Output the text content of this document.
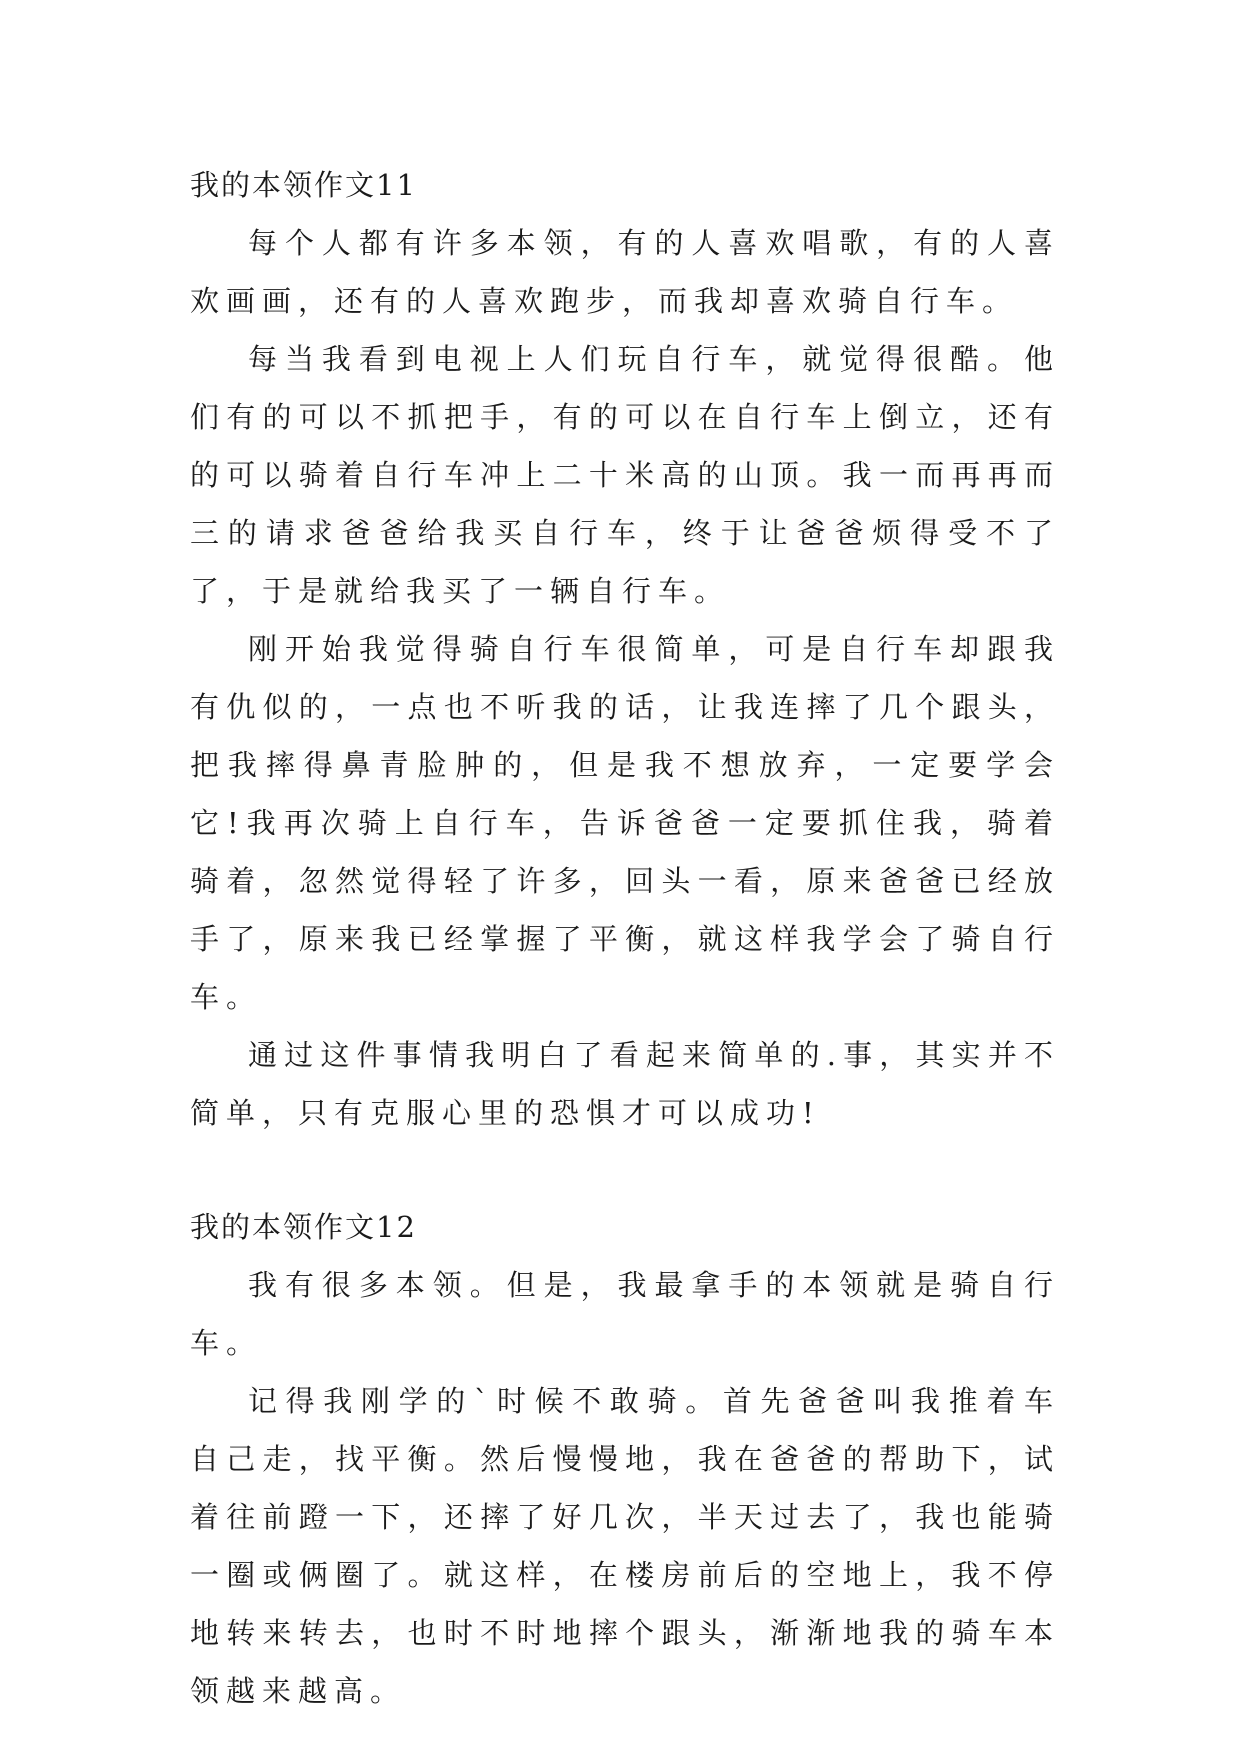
我的本领作文11

每个人都有许多本领，有的人喜欢唱歌，有的人喜欢画画，还有的人喜欢跑步，而我却喜欢骑自行车。

每当我看到电视上人们玩自行车，就觉得很酷。他们有的可以不抓把手，有的可以在自行车上倒立，还有的可以骑着自行车冲上二十米高的山顶。我一而再再而三的请求爸爸给我买自行车，终于让爸爸烦得受不了了，于是就给我买了一辆自行车。

刚开始我觉得骑自行车很简单，可是自行车却跟我有仇似的，一点也不听我的话，让我连摔了几个跟头，把我摔得鼻青脸肿的，但是我不想放弃，一定要学会它!我再次骑上自行车，告诉爸爸一定要抓住我，骑着骑着，忽然觉得轻了许多，回头一看，原来爸爸已经放手了，原来我已经掌握了平衡，就这样我学会了骑自行车。

通过这件事情我明白了看起来简单的.事，其实并不简单，只有克服心里的恐惧才可以成功!

我的本领作文12

我有很多本领。但是，我最拿手的本领就是骑自行车。

记得我刚学的`时候不敢骑。首先爸爸叫我推着车自己走，找平衡。然后慢慢地，我在爸爸的帮助下，试着往前蹬一下，还摔了好几次，半天过去了，我也能骑一圈或俩圈了。就这样，在楼房前后的空地上，我不停地转来转去，也时不时地摔个跟头，渐渐地我的骑车本领越来越高。
